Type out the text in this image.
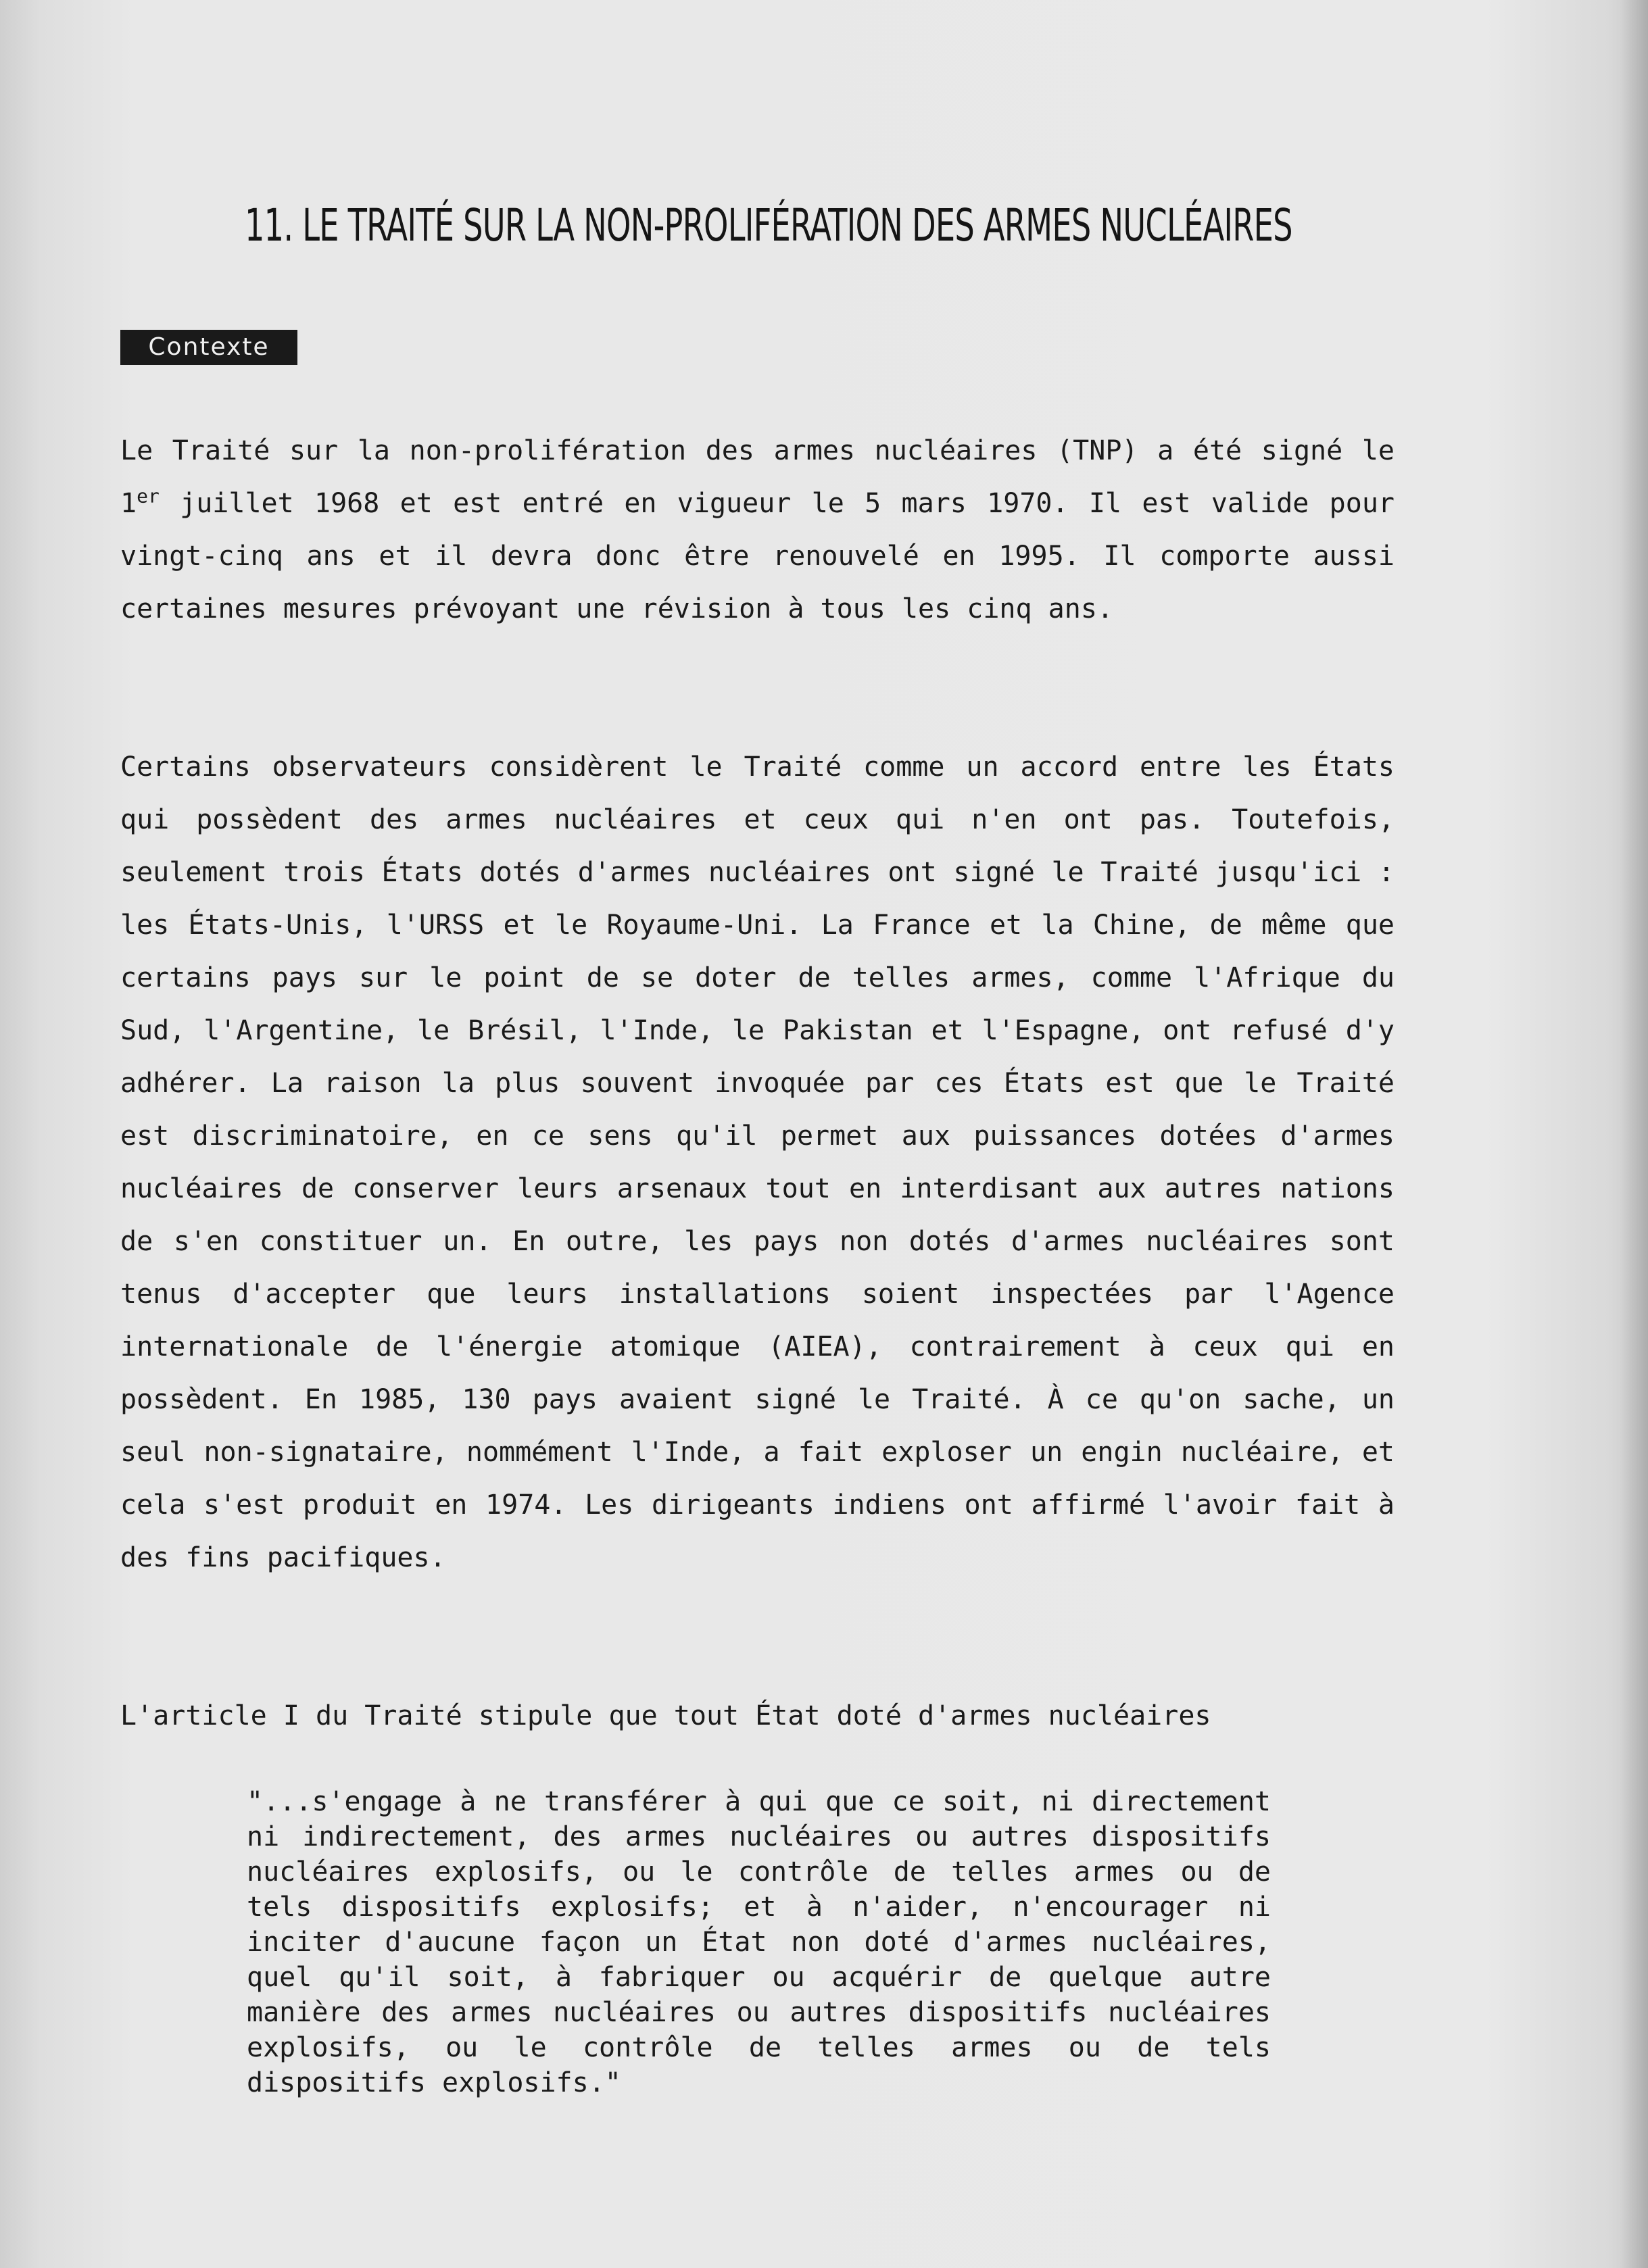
11. LE TRAITÉ SUR LA NON-PROLIFÉRATION DES ARMES NUCLÉAIRES
Contexte
Le Traité sur la non-prolifération des armes nucléaires (TNP) a été signé le 1er juillet 1968 et est entré en vigueur le 5 mars 1970. Il est valide pour vingt-cinq ans et il devra donc être renouvelé en 1995. Il comporte aussi certaines mesures prévoyant une révision à tous les cinq ans.
Certains observateurs considèrent le Traité comme un accord entre les États qui possèdent des armes nucléaires et ceux qui n'en ont pas. Toutefois, seulement trois États dotés d'armes nucléaires ont signé le Traité jusqu'ici : les États-Unis, l'URSS et le Royaume-Uni. La France et la Chine, de même que certains pays sur le point de se doter de telles armes, comme l'Afrique du Sud, l'Argentine, le Brésil, l'Inde, le Pakistan et l'Espagne, ont refusé d'y adhérer. La raison la plus souvent invoquée par ces États est que le Traité est discriminatoire, en ce sens qu'il permet aux puissances dotées d'armes nucléaires de conserver leurs arsenaux tout en interdisant aux autres nations de s'en constituer un. En outre, les pays non dotés d'armes nucléaires sont tenus d'accepter que leurs installations soient inspectées par l'Agence internationale de l'énergie atomique (AIEA), contrairement à ceux qui en possèdent. En 1985, 130 pays avaient signé le Traité. À ce qu'on sache, un seul non-signataire, nommément l'Inde, a fait exploser un engin nucléaire, et cela s'est produit en 1974. Les dirigeants indiens ont affirmé l'avoir fait à des fins pacifiques.
L'article I du Traité stipule que tout État doté d'armes nucléaires
"...s'engage à ne transférer à qui que ce soit, ni directement ni indirectement, des armes nucléaires ou autres dispositifs nucléaires explosifs, ou le contrôle de telles armes ou de tels dispositifs explosifs; et à n'aider, n'encourager ni inciter d'aucune façon un État non doté d'armes nucléaires, quel qu'il soit, à fabriquer ou acquérir de quelque autre manière des armes nucléaires ou autres dispositifs nucléaires explosifs, ou le contrôle de telles armes ou de tels dispositifs explosifs."
